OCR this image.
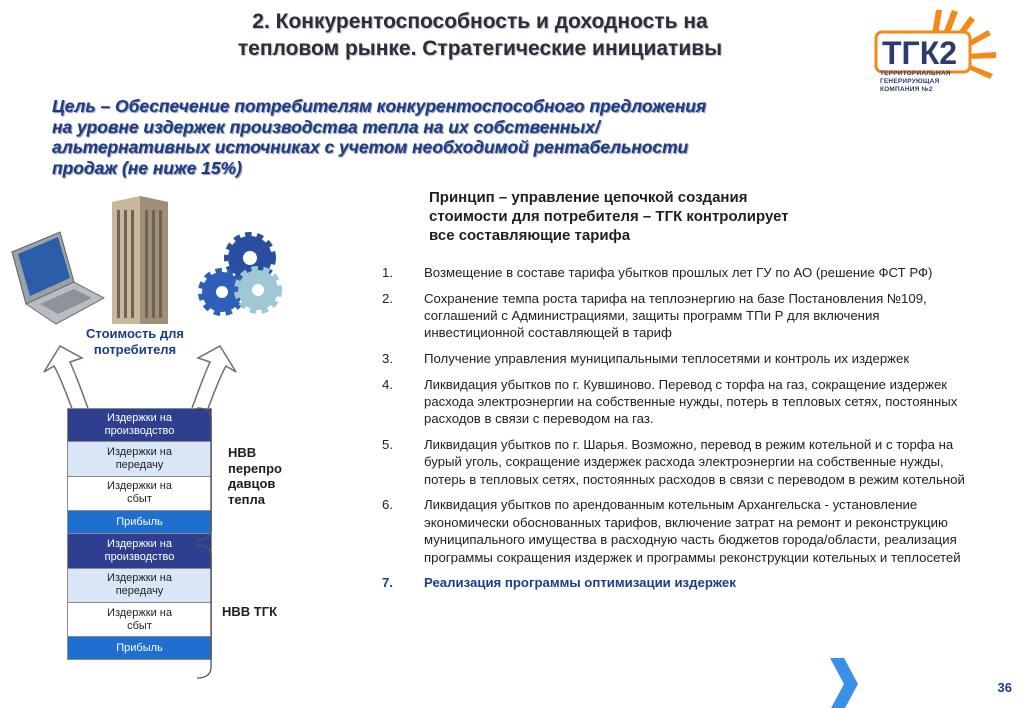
2. Конкурентоспособность и доходность на
тепловом рынке. Стратегические инициативы	ТГК2
ТЕРРИТОРИАЛЬНАЯ
ГЕНЕРИРУЮЩАЯ
КОМПАНИЯ №2
Цель – Обеспечение потребителям конкурентоспособного предложения
на уровне издержек производства тепла на их собственных/
альтернативных источниках с учетом необходимой рентабельности
продаж (не ниже 15%)
Принцип – управление цепочкой создания
стоимости для потребителя – ТГК контролирует
все составляющие тарифа
1. Возмещение в составе тарифа убытков прошлых лет ГУ по АО (решение ФСТ РФ)
2. Сохранение темпа роста тарифа на теплоэнергию на базе Постановления №109, соглашений с Администрациями, защиты программ ТПи Р для включения инвестиционной составляющей в тариф
3. Получение управления муниципальными теплосетями и контроль их издержек
4. Ликвидация убытков по г. Кувшиново. Перевод с торфа на газ, сокращение издержек расхода электроэнергии на собственные нужды, потерь в тепловых сетях, постоянных расходов в связи с переводом на газ.
5. Ликвидация убытков по г. Шарья. Возможно, перевод в режим котельной и с торфа на бурый уголь, сокращение издержек расхода электроэнергии на собственные нужды, потерь в тепловых сетях, постоянных расходов в связи с переводом в режим котельной
6. Ликвидация убытков по арендованным котельным Архангельска - установление экономически обоснованных тарифов, включение затрат на ремонт и реконструкцию муниципального имущества в расходную часть бюджетов города/области, реализация программы сокращения издержек и программы реконструкции котельных и теплосетей
7. Реализация программы оптимизации издержек
Стоимость для
потребителя
Издержки на
производство
Издержки на
передачу
Издержки на
сбыт
Прибыль
Издержки на
производство
Издержки на
передачу
Издержки на
сбыт
Прибыль
НВВ
перепро
давцов
тепла
НВВ ТГК
36
